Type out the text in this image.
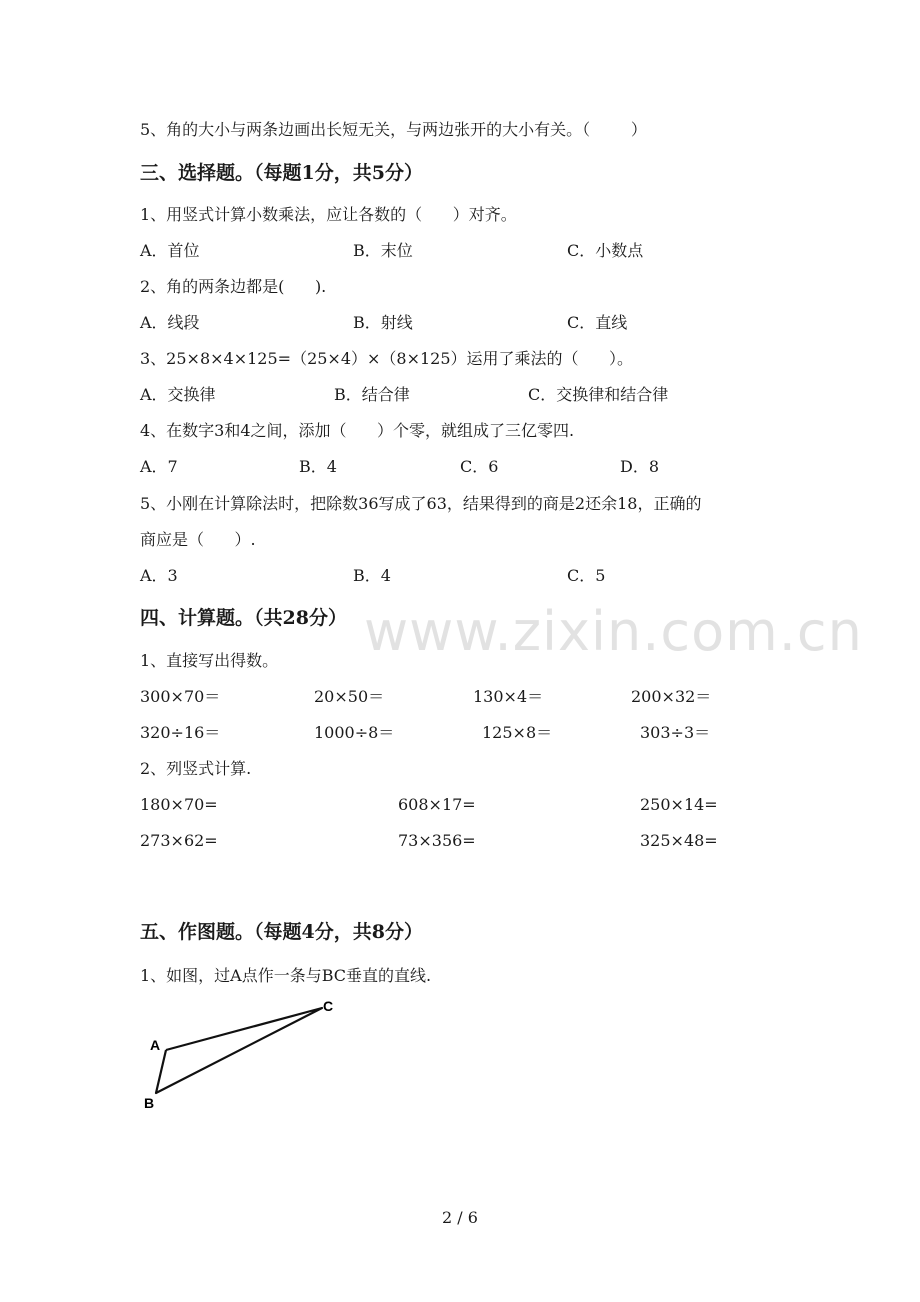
www.zixin.com.cn
5、角的大小与两条边画出长短无关，与两边张开的大小有关。（        ）
三、选择题。（每题1分，共5分）
1、用竖式计算小数乘法，应让各数的（      ）对齐。
A．首位	B．末位	C．小数点
2、角的两条边都是(      ).
A．线段	B．射线	C．直线
3、25×8×4×125=（25×4）×（8×125）运用了乘法的（      ）。
A．交换律	B．结合律	C．交换律和结合律
4、在数字3和4之间，添加（      ）个零，就组成了三亿零四.
A．7	B．4	C．6	D．8
5、小刚在计算除法时，把除数36写成了63，结果得到的商是2还余18，正确的
商应是（      ）.
A．3	B．4	C．5
四、计算题。（共28分）
1、直接写出得数。
300×70＝	20×50＝	130×4＝	200×32＝
320÷16＝	1000÷8＝	125×8＝	303÷3＝
2、列竖式计算.
180×70=	608×17=	250×14=
273×62=	73×356=	325×48=
五、作图题。（每题4分，共8分）
1、如图，过A点作一条与BC垂直的直线.
A
B
C
2 / 6
